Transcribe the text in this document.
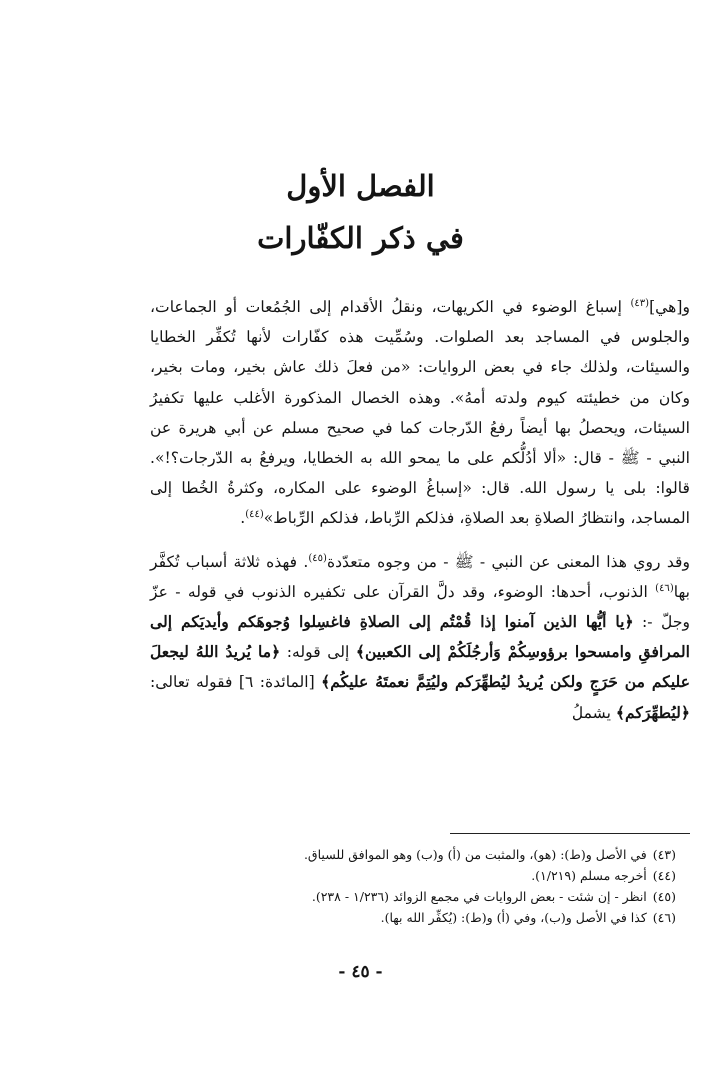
الفصل الأول
في ذكر الكفّارات

و[هي]$^{(٤٣)}$ إسباغ الوضوء في الكريهات، ونقلُ الأقدام إلى الجُمُعات أو الجماعات، والجلوس في المساجد بعد الصلوات. وسُمِّيت هذه كفّارات لأنها تُكفِّر الخطايا والسيئات، ولذلك جاء في بعض الروايات: «من فعلَ ذلك عاش بخير، ومات بخير، وكان من خطيئته كيوم ولدته أمهُ». وهذه الخصال المذكورة الأغلب عليها تكفيرُ السيئات، ويحصلُ بها أيضاً رفعُ الدّرجات كما في صحيح مسلم عن أبي هريرة عن النبي - ﷺ - قال: «ألا أدُلُّكم على ما يمحو الله به الخطايا، ويرفعُ به الدّرجات؟!». قالوا: بلى يا رسول الله. قال: «إسباغُ الوضوء على المكاره، وكثرةُ الخُطا إلى المساجد، وانتظارُ الصلاةِ بعد الصلاةِ، فذلكم الرِّباط، فذلكم الرِّباط»$^{(٤٤)}$.

وقد روي هذا المعنى عن النبي - ﷺ - من وجوه متعدّدة$^{(٤٥)}$. فهذه ثلاثة أسباب تُكفَّر بها$^{(٤٦)}$ الذنوب، أحدها: الوضوء، وقد دلَّ القرآن على تكفيره الذنوب في قوله - عزّ وجلّ -: ﴿يا أيُّها الذين آمنوا إذا قُمْتُم إلى الصلاةِ فاغسِلوا وُجوهَكم وأيديَكم إلى المرافقِ وامسحوا برؤوسِكُمْ وَأرجُلَكُمْ إلى الكعبين﴾ إلى قوله: ﴿ما يُريدُ اللهُ ليجعلَ عليكم من حَرَجٍ ولكن يُريدُ ليُطهِّرَكم وليُتِمَّ نعمتَهُ عليكُم﴾ [المائدة: ٦] فقوله تعالى: ﴿ليُطهِّرَكم﴾ يشملُ

(٤٣)في الأصل و(ط): (هو)، والمثبت من (أ) و(ب) وهو الموافق للسياق.
(٤٤)أخرجه مسلم (١/٢١٩).
(٤٥)انظر - إن شئت - بعض الروايات في مجمع الزوائد (١/٢٣٦ - ٢٣٨).
(٤٦)كذا في الأصل و(ب)، وفي (أ) و(ط): (يُكفِّر الله بها).
- ٤٥ -
